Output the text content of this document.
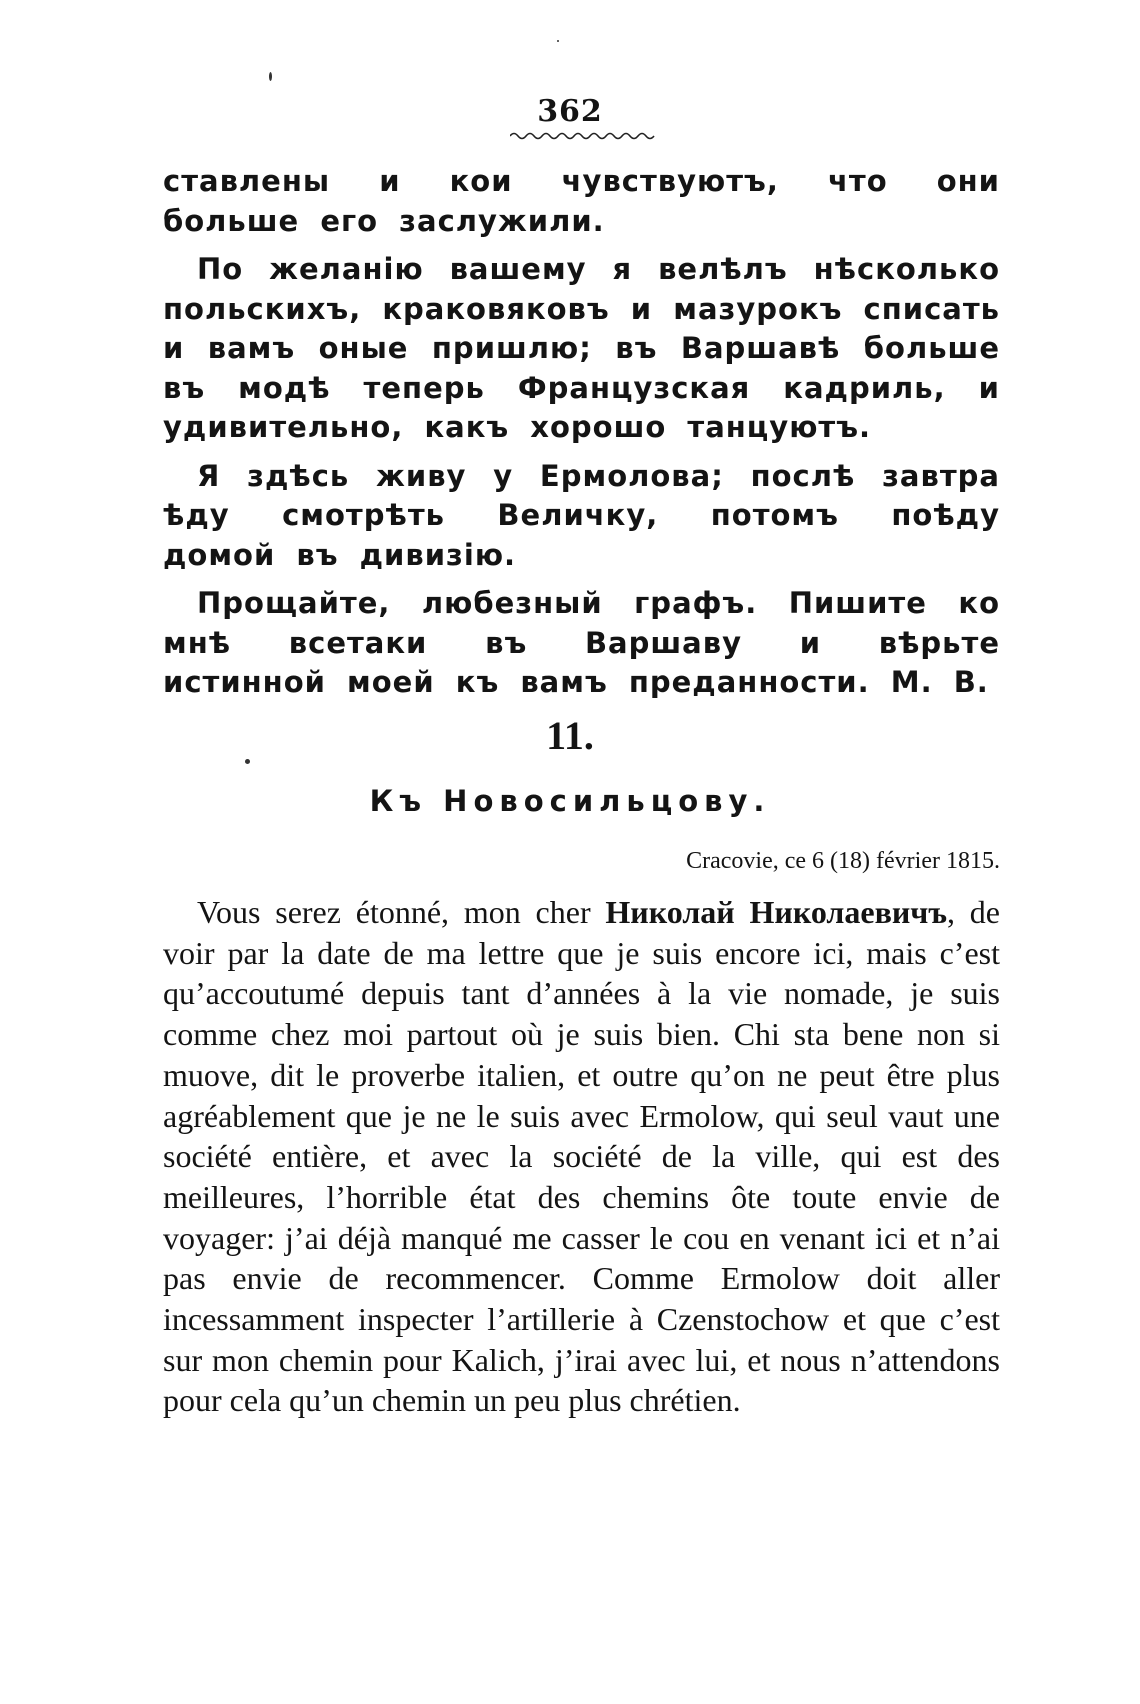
362

ставлены и кои чувствуютъ, что они больше его заслужили.

По желанію вашему я велѣлъ нѣсколько польскихъ, краковяковъ и мазурокъ списать и вамъ оные пришлю; въ Варшавѣ больше въ модѣ теперь Французская кадриль, и удивительно, какъ хорошо танцуютъ.

Я здѣсь живу у Ермолова; послѣ завтра ѣду смотрѣть Величку, потомъ поѣду домой въ дивизію.

Прощайте, любезный графъ. Пишите ко мнѣ всетаки въ Варшаву и вѣрьте истинной моей къ вамъ преданности. М. В.

11.
Къ Новосильцову.
Cracovie, ce 6 (18) février 1815.

Vous serez étonné, mon cher Николай Николаевичъ, de voir par la date de ma lettre que je suis encore ici, mais c’est qu’accoutumé depuis tant d’années à la vie nomade, je suis comme chez moi partout où je suis bien. Chi sta bene non si muove, dit le proverbe italien, et outre qu’on ne peut être plus agréablement que je ne le suis avec Ermolow, qui seul vaut une société entière, et avec la société de la ville, qui est des meilleures, l’horrible état des chemins ôte toute envie de voyager: j’ai déjà manqué me casser le cou en venant ici et n’ai pas envie de recommencer. Comme Ermolow doit aller incessamment inspecter l’artillerie à Czenstochow et que c’est sur mon chemin pour Kalich, j’irai avec lui, et nous n’attendons pour cela qu’un chemin un peu plus chrétien.
